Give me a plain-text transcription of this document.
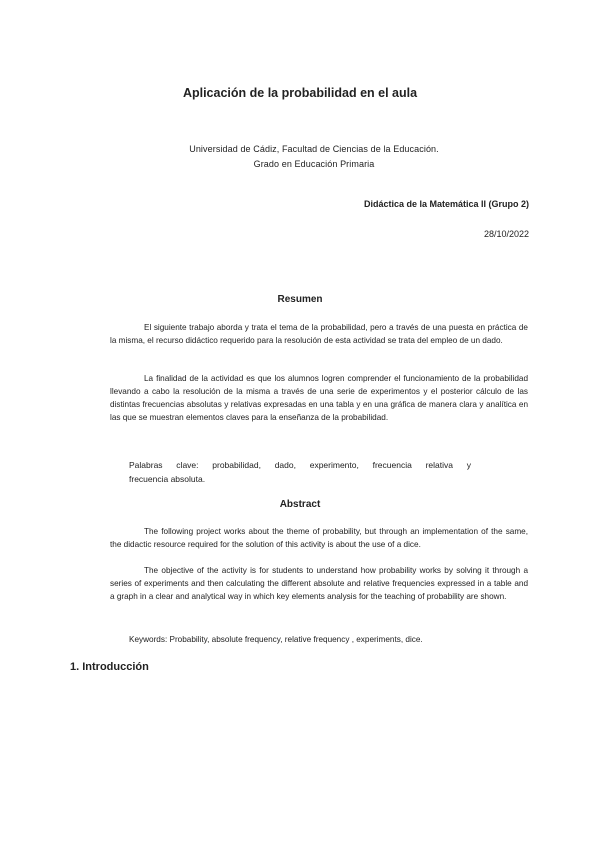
Aplicación de la probabilidad en el aula
Universidad de Cádiz, Facultad de Ciencias de la Educación.
Grado en Educación Primaria
Didáctica de la Matemática II (Grupo 2)
28/10/2022
Resumen

El siguiente trabajo aborda y trata el tema de la probabilidad, pero a través de una puesta en práctica de la misma, el recurso didáctico requerido para la resolución de esta actividad se trata del empleo de un dado.

La finalidad de la actividad es que los alumnos logren comprender el funcionamiento de la probabilidad llevando a cabo la resolución de la misma a través de una serie de experimentos y el posterior cálculo de las distintas frecuencias absolutas y relativas expresadas en una tabla y en una gráfica de manera clara y analítica en las que se muestran elementos claves para la enseñanza de la probabilidad.

Palabras clave: probabilidad, dado, experimento, frecuencia relativa y

frecuencia absoluta.

Abstract

The following project works about the theme of probability, but through an implementation of the same, the didactic resource required for the solution of this activity is about the use of a dice.

The objective of the activity is for students to understand how probability works by solving it through a series of experiments and then calculating the different absolute and relative frequencies expressed in a table and a graph in a clear and analytical way in which key elements analysis for the teaching of probability are shown.

Keywords: Probability, absolute frequency, relative frequency , experiments, dice.

1. Introducción
